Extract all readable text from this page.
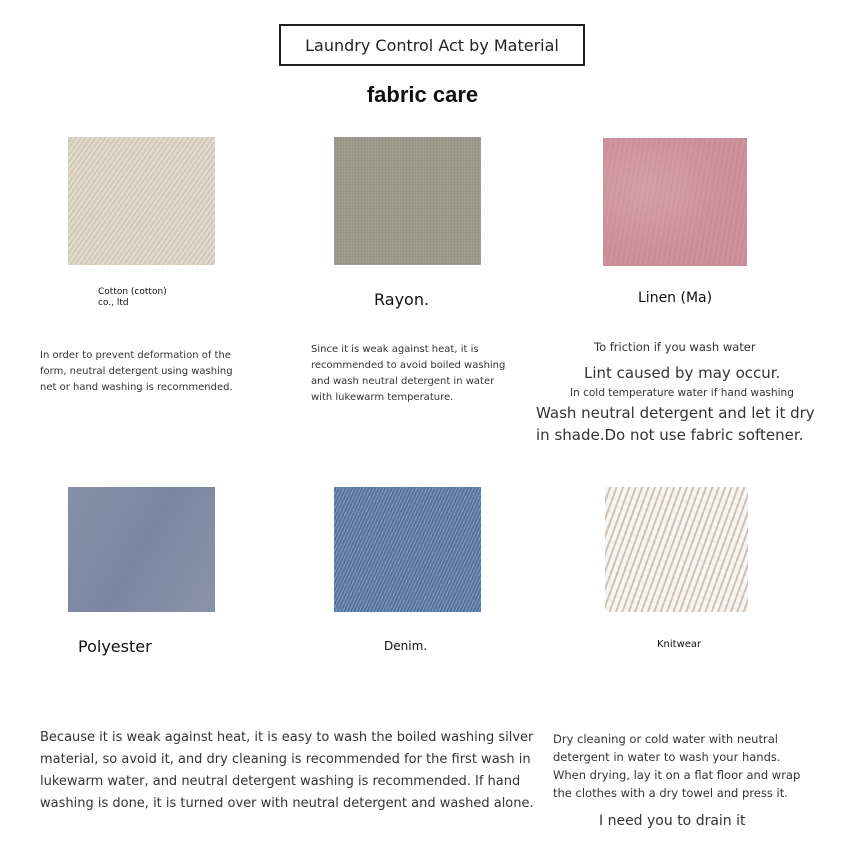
Laundry Control Act by Material
fabric care
Cotton (cotton)
co., ltd	Rayon.	Linen (Ma)
In order to prevent deformation of the
form, neutral detergent using washing
net or hand washing is recommended.
Since it is weak against heat, it is
recommended to avoid boiled washing
and wash neutral detergent in water
with lukewarm temperature.
To friction if you wash water
Lint caused by may occur.
In cold temperature water if hand washing
Wash neutral detergent and let it dry
in shade.Do not use fabric softener.
Polyester	Denim.	Knitwear
Because it is weak against heat, it is easy to wash the boiled washing silver
material, so avoid it, and dry cleaning is recommended for the first wash in
lukewarm water, and neutral detergent washing is recommended. If hand
washing is done, it is turned over with neutral detergent and washed alone.
Dry cleaning or cold water with neutral
detergent in water to wash your hands.
When drying, lay it on a flat floor and wrap
the clothes with a dry towel and press it.
I need you to drain it
